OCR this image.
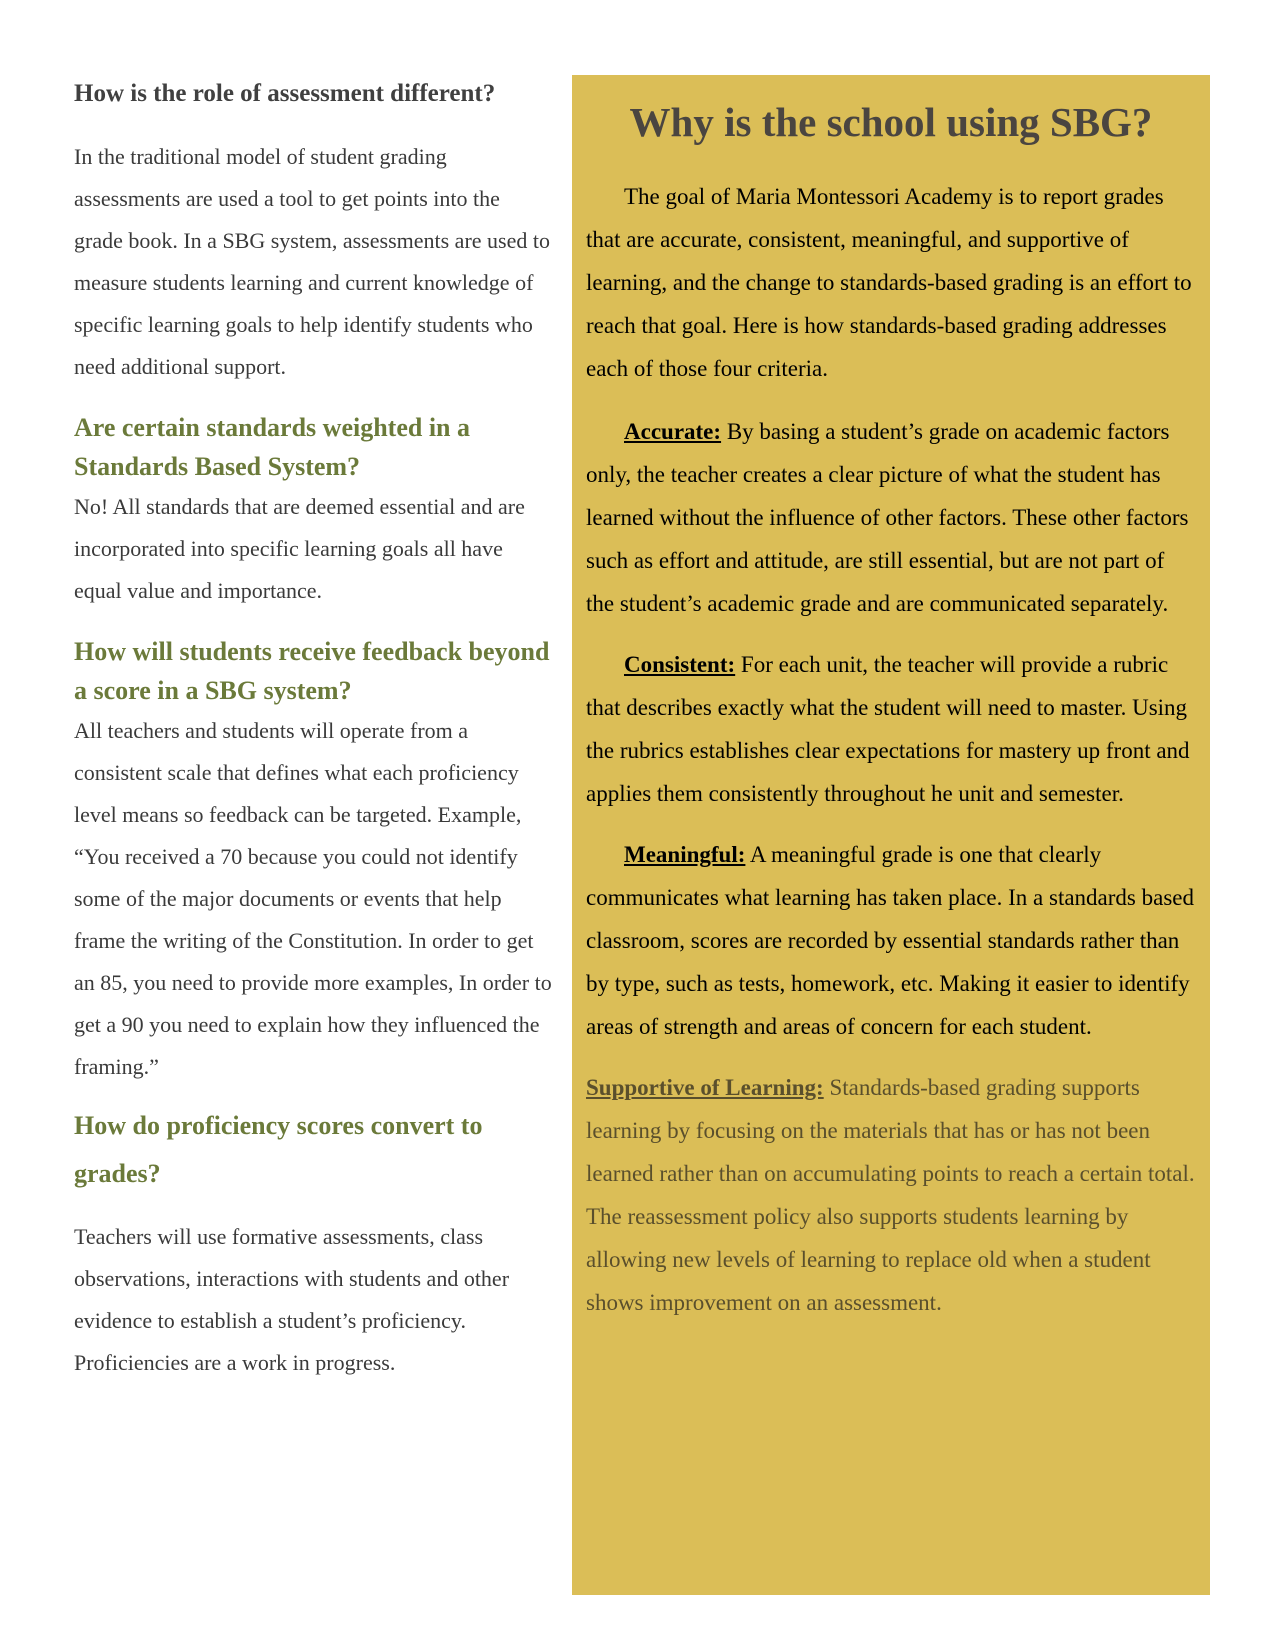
How is the role of assessment different?

In the traditional model of student grading assessments are used a tool to get points into the grade book. In a SBG system, assessments are used to measure students learning and current knowledge of specific learning goals to help identify students who need additional support.

Are certain standards weighted in a Standards Based System?

No! All standards that are deemed essential and are incorporated into specific learning goals all have equal value and importance.

How will students receive feedback beyond a score in a SBG system?

All teachers and students will operate from a consistent scale that defines what each proficiency level means so feedback can be targeted. Example, “You received a 70 because you could not identify some of the major documents or events that help frame the writing of the Constitution. In order to get an 85, you need to provide more examples, In order to get a 90 you need to explain how they influenced the framing.”

How do proficiency scores convert to grades?

Teachers will use formative assessments, class observations, interactions with students and other evidence to establish a student’s proficiency. Proficiencies are a work in progress.

Why is the school using SBG?

The goal of Maria Montessori Academy is to report grades that are accurate, consistent, meaningful, and supportive of learning, and the change to standards-based grading is an effort to reach that goal. Here is how standards-based grading addresses each of those four criteria.

Accurate: By basing a student’s grade on academic factors only, the teacher creates a clear picture of what the student has learned without the influence of other factors. These other factors such as effort and attitude, are still essential, but are not part of the student’s academic grade and are communicated separately.

Consistent: For each unit, the teacher will provide a rubric that describes exactly what the student will need to master. Using the rubrics establishes clear expectations for mastery up front and applies them consistently throughout he unit and semester.

Meaningful: A meaningful grade is one that clearly communicates what learning has taken place. In a standards based classroom, scores are recorded by essential standards rather than by type, such as tests, homework, etc. Making it easier to identify areas of strength and areas of concern for each student.

Supportive of Learning: Standards-based grading supports learning by focusing on the materials that has or has not been learned rather than on accumulating points to reach a certain total. The reassessment policy also supports students learning by allowing new levels of learning to replace old when a student shows improvement on an assessment.
